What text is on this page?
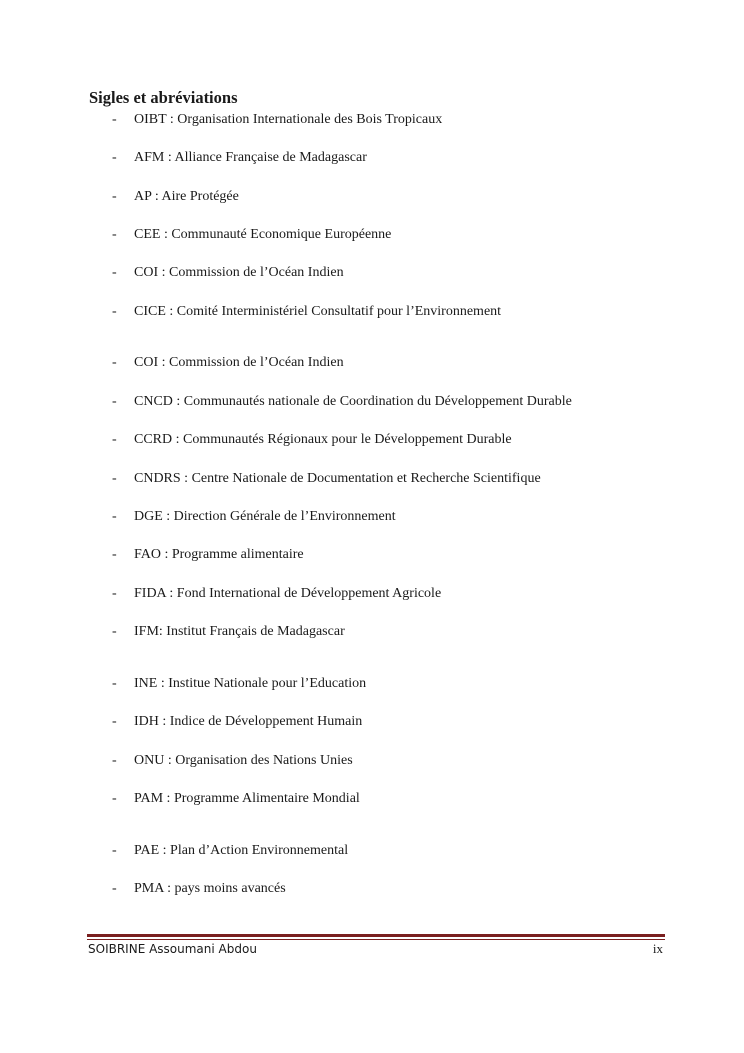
Sigles et abréviations
- OIBT : Organisation Internationale des Bois Tropicaux
- AFM : Alliance Française de Madagascar
- AP : Aire Protégée
- CEE : Communauté Economique Européenne
- COI : Commission de l’Océan Indien
- CICE : Comité Interministériel Consultatif pour l’Environnement
- COI : Commission de l’Océan Indien
- CNCD : Communautés nationale de Coordination du Développement Durable
- CCRD : Communautés Régionaux pour le Développement Durable
- CNDRS : Centre Nationale de Documentation et Recherche Scientifique
- DGE : Direction Générale de l’Environnement
- FAO : Programme alimentaire
- FIDA : Fond International de Développement Agricole
- IFM: Institut Français de Madagascar
- INE : Institue Nationale pour l’Education
- IDH : Indice de Développement Humain
- ONU : Organisation des Nations Unies
- PAM : Programme Alimentaire Mondial
- PAE : Plan d’Action Environnemental
- PMA : pays moins avancés
SOIBRINE Assoumani Abdou	ix
